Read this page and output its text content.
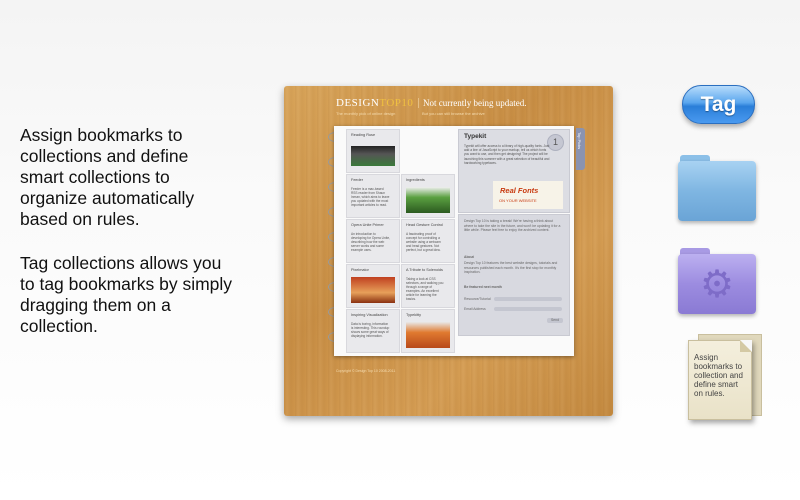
Assign bookmarks to collections and define smart collections to organize automatically based on rules.

Tag collections allows you to tag bookmarks by simply dragging them on a collection.

DESIGNTOP10
The monthly pick of online design
Not currently being updated.
But you can still browse the archive
Reading Ruse
Feeder
Feeder is a mac-based RSS reader from Shaun Inman, which aims to leave you updated with the most important articles to read.
Ingredients
Opera Unite Primer
An introduction to developing for Opera Unite, describing how the web server works and some example uses.
Head Gesture Control
A fascinating proof of concept for controlling a website using a webcam and head gestures. Not perfect, but a great idea.
Pixelmator	A Tribute to Solenoids
Taking a look at CSS selectors, and walking you through a range of examples. An excellent article for learning the basics.
Inspiring Visualization
Data is boring, information is interesting. This roundup shows some great ways of displaying information.
Typekitty
Typekit
1
Typekit will offer access to a library of high-quality fonts. Just add a line of JavaScript to your markup, tell us which fonts you want to use, and then get designing! The project will be launching this summer with a great selection of beautiful and hardworking typefaces.
Real Fonts
ON YOUR WEBSITE

Design Top 10 is taking a break! We're having a think about where to take the site in the future, and won't be updating it for a little while. Please feel free to enjoy the archived content.

About

Design Top 10 features the best website designs, tutorials and resources published each month. It's the first stop for monthly inspiration.

Be featured next month

Resource/Tutorial

Email Address

Send

Top Picks
Copyright © Design Top 10 2008-2011
Tag
⚙
Assign bookmarks to collection and define smart on rules.
